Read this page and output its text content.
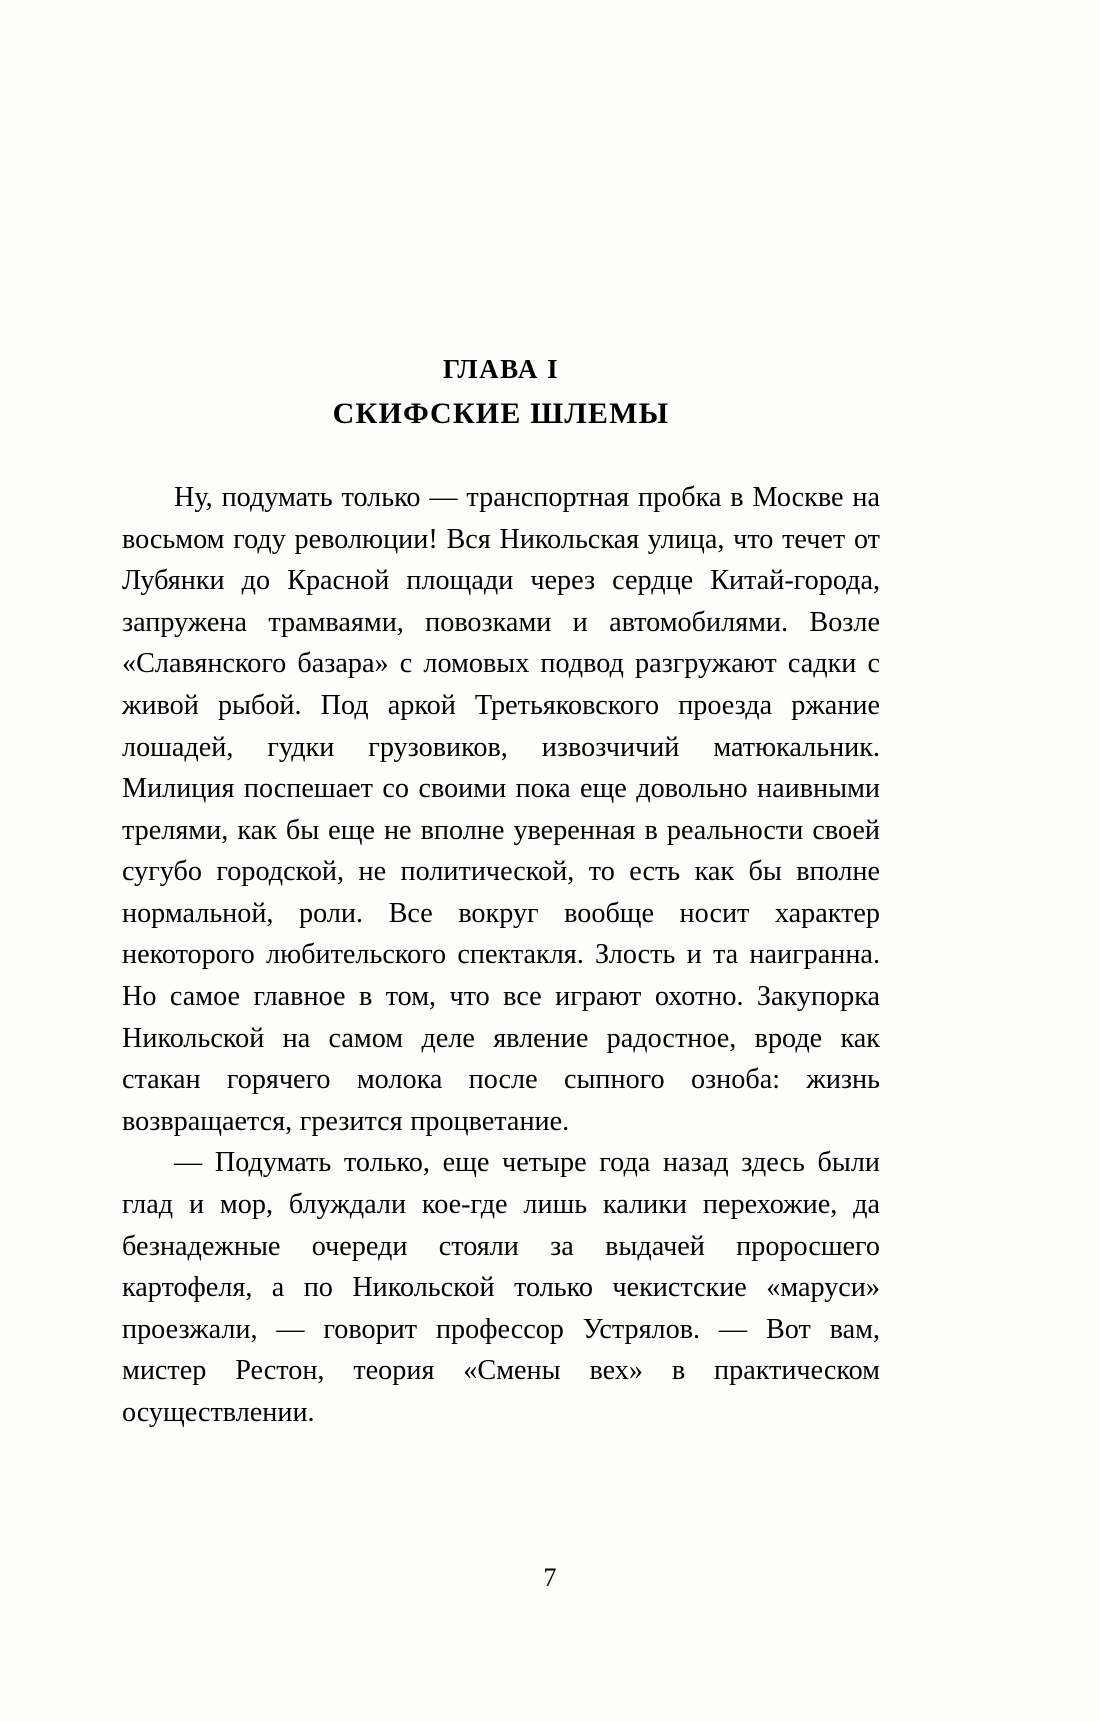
ГЛАВА I
СКИФСКИЕ ШЛЕМЫ

Ну, подумать только — транспортная пробка в Москве на восьмом году революции! Вся Никольская улица, что течет от Лубянки до Красной площади через сердце Китай-города, запружена трамваями, повозками и автомобилями. Возле «Славянского базара» с ломовых подвод разгружают садки с живой рыбой. Под аркой Третьяковского проезда ржание лошадей, гудки грузовиков, извозчичий матюкальник. Милиция поспешает со своими пока еще довольно наивными трелями, как бы еще не вполне уверенная в реальности своей сугубо городской, не политической, то есть как бы вполне нормальной, роли. Все вокруг вообще носит характер некоторого любительского спектакля. Злость и та наигранна. Но самое главное в том, что все играют охотно. Закупорка Никольской на самом деле явление радостное, вроде как стакан горячего молока после сыпного озноба: жизнь возвращается, грезится процветание.

— Подумать только, еще четыре года назад здесь были глад и мор, блуждали кое-где лишь калики перехожие, да безнадежные очереди стояли за выдачей проросшего картофеля, а по Никольской только чекистские «маруси» проезжали, — говорит профессор Устрялов. — Вот вам, мистер Рестон, теория «Смены вех» в практическом осуществлении.

7
